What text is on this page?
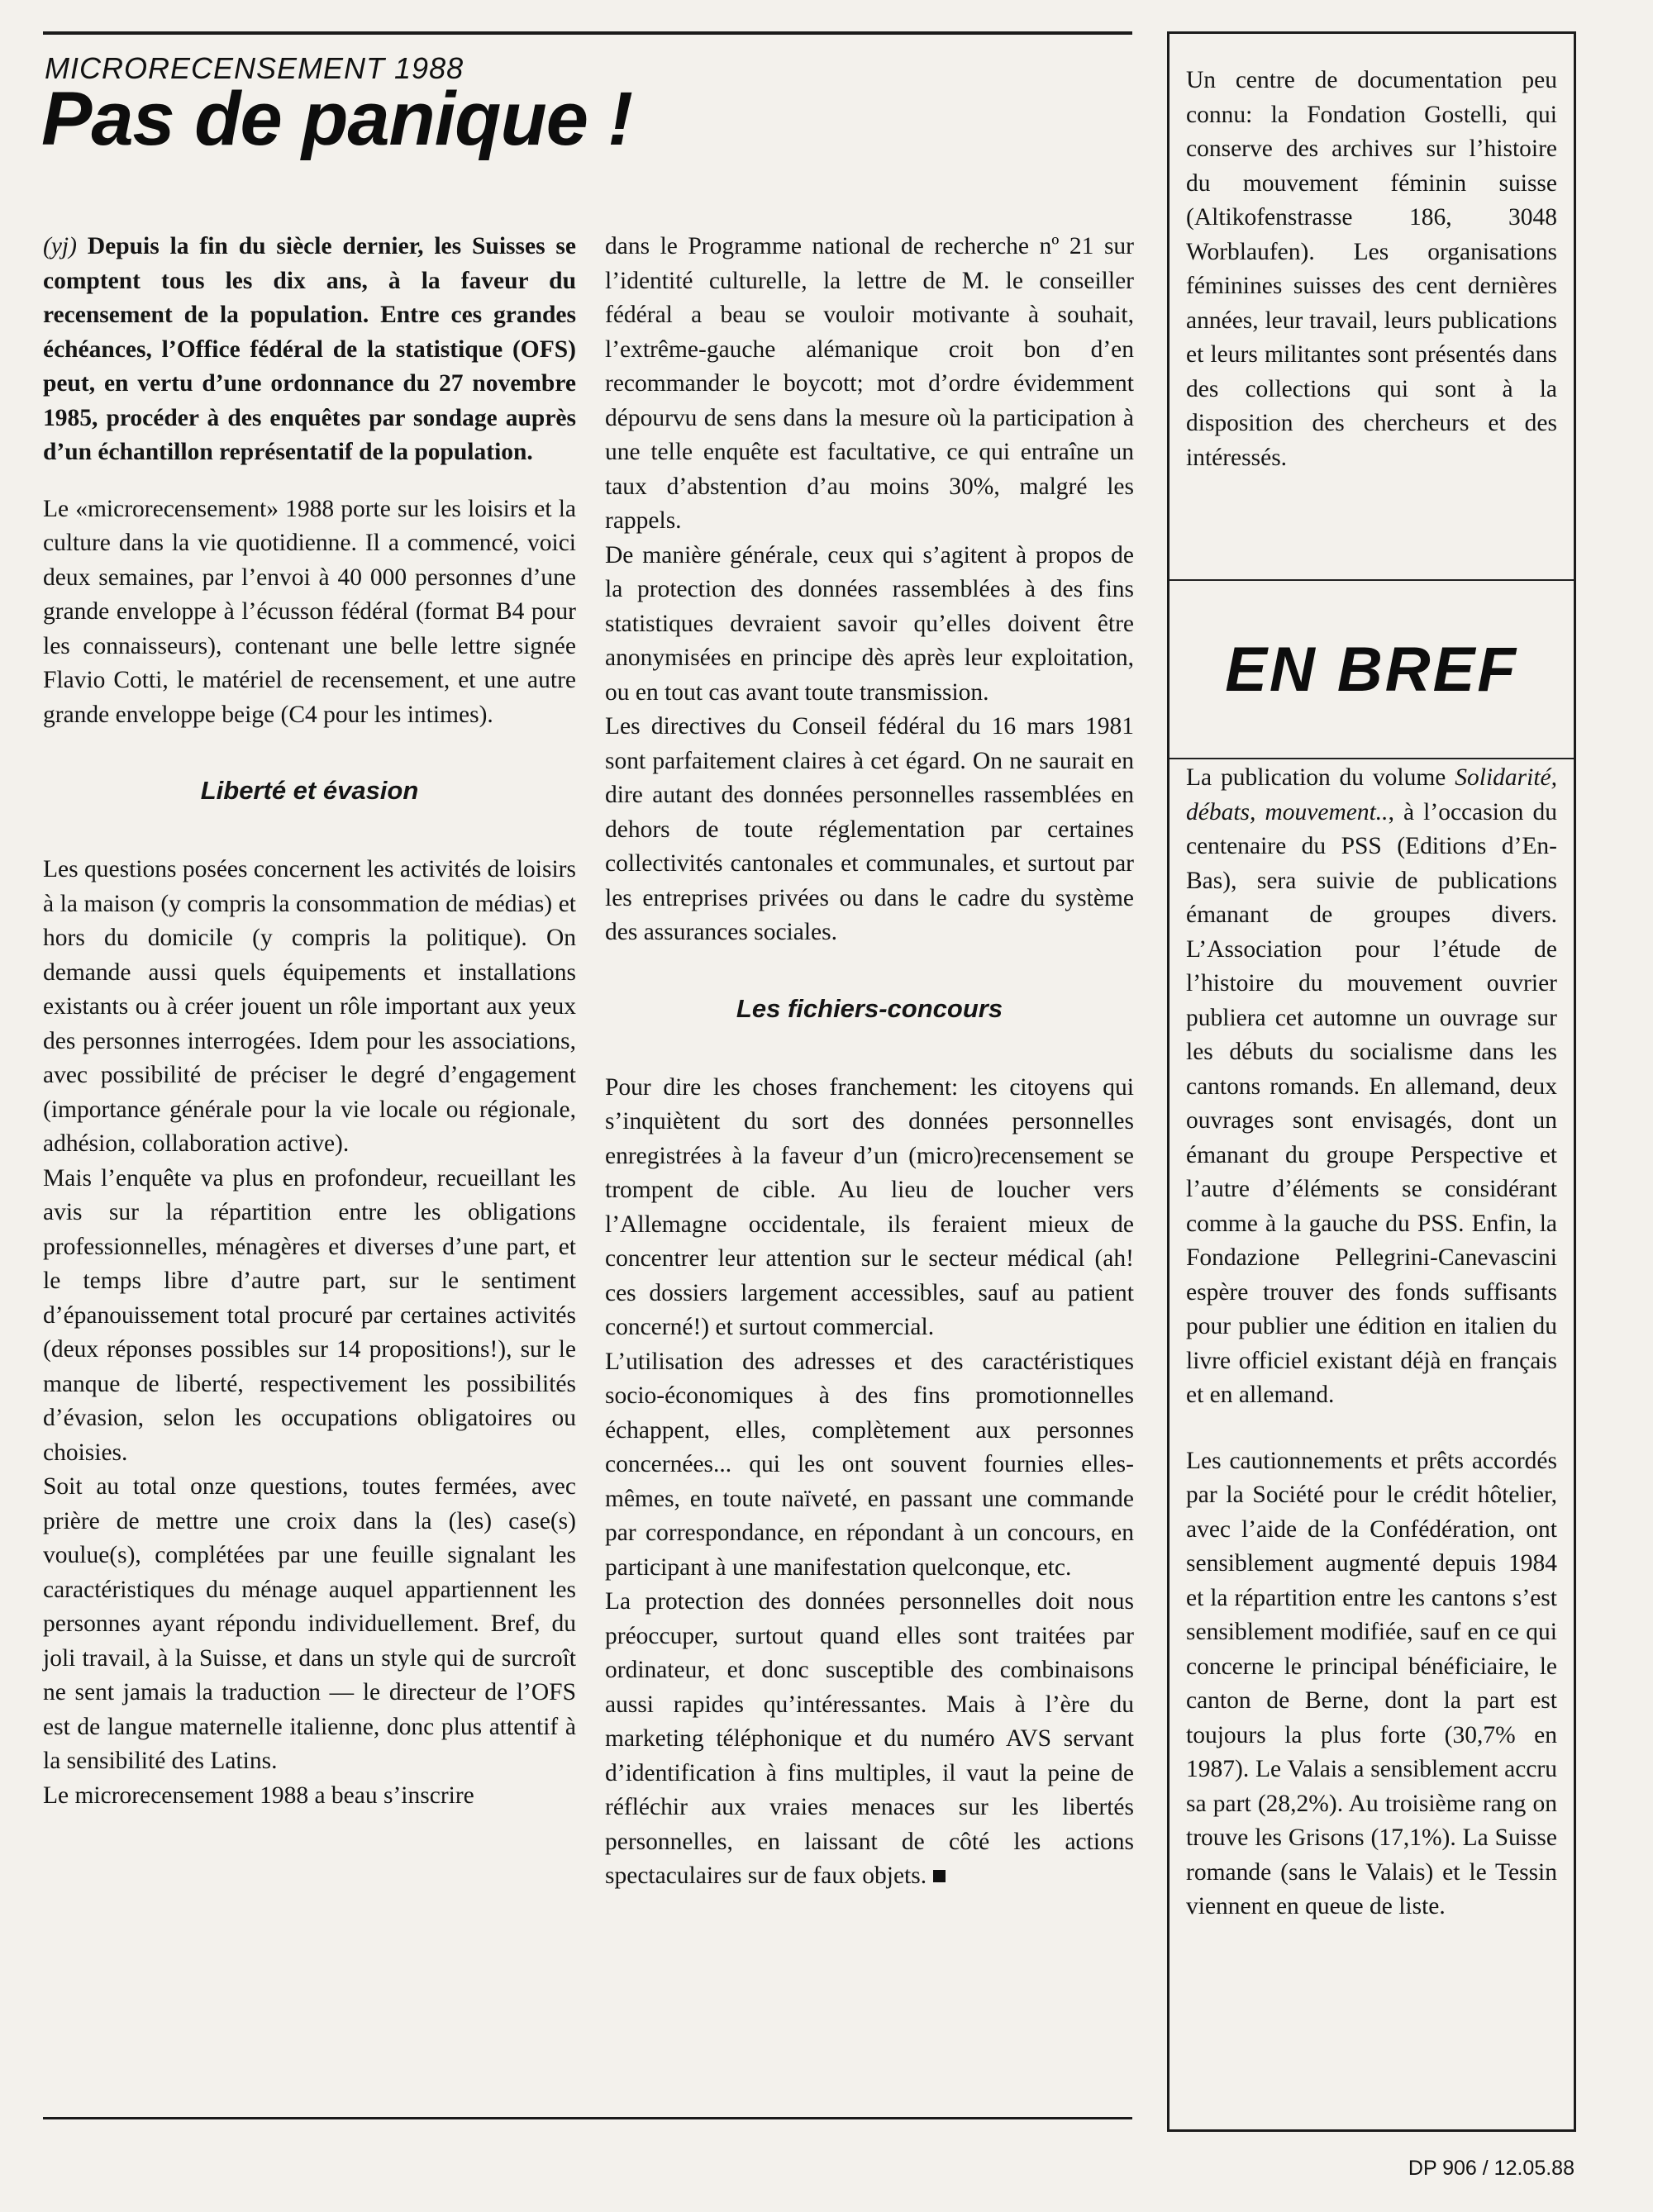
MICRORECENSEMENT 1988
Pas de panique !

(yj) Depuis la fin du siècle dernier, les Suisses se comptent tous les dix ans, à la faveur du recensement de la population. Entre ces grandes échéances, l’Office fédéral de la statistique (OFS) peut, en vertu d’une ordonnance du 27 novembre 1985, procéder à des enquêtes par sondage auprès d’un échantillon représentatif de la population.

Le «microrecensement» 1988 porte sur les loisirs et la culture dans la vie quotidienne. Il a commencé, voici deux semaines, par l’envoi à 40 000 personnes d’une grande enveloppe à l’écusson fédéral (format B4 pour les connaisseurs), contenant une belle lettre signée Flavio Cotti, le matériel de recensement, et une autre grande enveloppe beige (C4 pour les intimes).

Liberté et évasion

Les questions posées concernent les activités de loisirs à la maison (y compris la consommation de médias) et hors du domicile (y compris la politique). On demande aussi quels équipements et installations existants ou à créer jouent un rôle important aux yeux des personnes interrogées. Idem pour les associations, avec possibilité de préciser le degré d’engagement (importance générale pour la vie locale ou régionale, adhésion, collaboration active).

Mais l’enquête va plus en profondeur, recueillant les avis sur la répartition entre les obligations professionnelles, ménagères et diverses d’une part, et le temps libre d’autre part, sur le sentiment d’épanouissement total procuré par certaines activités (deux réponses possibles sur 14 propositions!), sur le manque de liberté, respectivement les possibilités d’évasion, selon les occupations obligatoires ou choisies.

Soit au total onze questions, toutes fermées, avec prière de mettre une croix dans la (les) case(s) voulue(s), complétées par une feuille signalant les caractéristiques du ménage auquel appartiennent les personnes ayant répondu individuellement. Bref, du joli travail, à la Suisse, et dans un style qui de surcroît ne sent jamais la traduction — le directeur de l’OFS est de langue maternelle italienne, donc plus attentif à la sensibilité des Latins.

Le microrecensement 1988 a beau s’inscrire

dans le Programme national de recherche nº 21 sur l’identité culturelle, la lettre de M. le conseiller fédéral a beau se vouloir motivante à souhait, l’extrême-gauche alémanique croit bon d’en recommander le boycott; mot d’ordre évidemment dépourvu de sens dans la mesure où la participation à une telle enquête est facultative, ce qui entraîne un taux d’abstention d’au moins 30%, malgré les rappels.

De manière générale, ceux qui s’agitent à propos de la protection des données rassemblées à des fins statistiques devraient savoir qu’elles doivent être anonymisées en principe dès après leur exploitation, ou en tout cas avant toute transmission.

Les directives du Conseil fédéral du 16 mars 1981 sont parfaitement claires à cet égard. On ne saurait en dire autant des données personnelles rassemblées en dehors de toute réglementation par certaines collectivités cantonales et communales, et surtout par les entreprises privées ou dans le cadre du système des assurances sociales.

Les fichiers-concours

Pour dire les choses franchement: les citoyens qui s’inquiètent du sort des données personnelles enregistrées à la faveur d’un (micro)recensement se trompent de cible. Au lieu de loucher vers l’Allemagne occidentale, ils feraient mieux de concentrer leur attention sur le secteur médical (ah! ces dossiers largement accessibles, sauf au patient concerné!) et surtout commercial.

L’utilisation des adresses et des caractéristiques socio-économiques à des fins promotionnelles échappent, elles, complètement aux personnes concernées... qui les ont souvent fournies elles-mêmes, en toute naïveté, en passant une commande par correspondance, en répondant à un concours, en participant à une manifestation quelconque, etc.

La protection des données personnelles doit nous préoccuper, surtout quand elles sont traitées par ordinateur, et donc susceptible des combinaisons aussi rapides qu’intéressantes. Mais à l’ère du marketing téléphonique et du numéro AVS servant d’identification à fins multiples, il vaut la peine de réfléchir aux vraies menaces sur les libertés personnelles, en laissant de côté les actions spectaculaires sur de faux objets.

Un centre de documentation peu connu: la Fondation Gostelli, qui conserve des archives sur l’histoire du mouvement féminin suisse (Altikofenstrasse 186, 3048 Worblaufen). Les organisations féminines suisses des cent dernières années, leur travail, leurs publications et leurs militantes sont présentés dans des collections qui sont à la disposition des chercheurs et des intéressés.

EN BREF

La publication du volume Solidarité, débats, mouvement.., à l’occasion du centenaire du PSS (Editions d’En-Bas), sera suivie de publications émanant de groupes divers. L’Association pour l’étude de l’histoire du mouvement ouvrier publiera cet automne un ouvrage sur les débuts du socialisme dans les cantons romands. En allemand, deux ouvrages sont envisagés, dont un émanant du groupe Perspective et l’autre d’éléments se considérant comme à la gauche du PSS. Enfin, la Fondazione Pellegrini-Canevascini espère trouver des fonds suffisants pour publier une édition en italien du livre officiel existant déjà en français et en allemand.

Les cautionnements et prêts accordés par la Société pour le crédit hôtelier, avec l’aide de la Confédération, ont sensiblement augmenté depuis 1984 et la répartition entre les cantons s’est sensiblement modifiée, sauf en ce qui concerne le principal bénéficiaire, le canton de Berne, dont la part est toujours la plus forte (30,7% en 1987). Le Valais a sensiblement accru sa part (28,2%). Au troisième rang on trouve les Grisons (17,1%). La Suisse romande (sans le Valais) et le Tessin viennent en queue de liste.

DP 906 / 12.05.88
